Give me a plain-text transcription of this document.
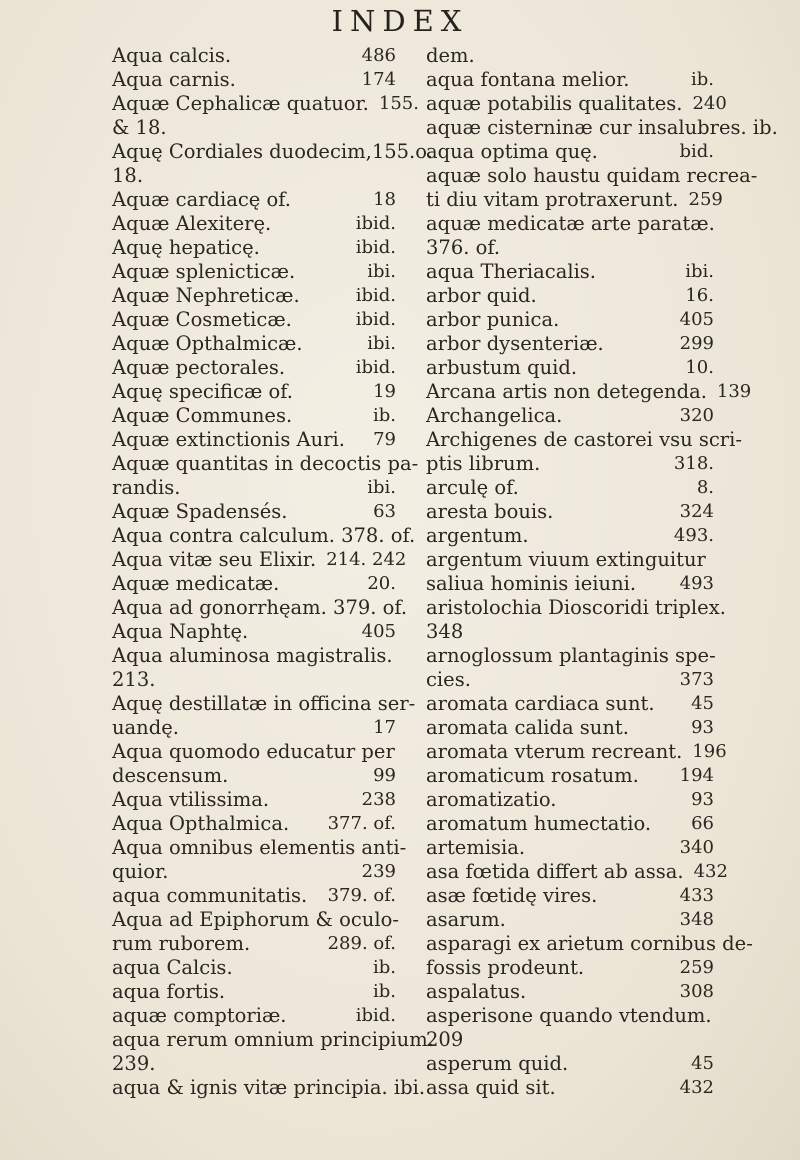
INDEX
Aqua calcis.	486
Aqua carnis.	174
Aquæ Cephalicæ quatuor. 155.
& 18.
Aquę Cordiales duodecim,155.o.
18.
Aquæ cardiacę of.	18
Aquæ Alexiterę.	ibid.
Aquę hepaticę.	ibid.
Aquæ splenicticæ.	ibi.
Aquæ Nephreticæ.	ibid.
Aquæ Cosmeticæ.	ibid.
Aquæ Opthalmicæ.	ibi.
Aquæ pectorales.	ibid.
Aquę specificæ of.	19
Aquæ Communes.	ib.
Aquæ extinctionis Auri.	79
Aquæ quantitas in decoctis pa-
randis.	ibi.
Aquæ Spadensés.	63
Aqua contra calculum. 378. of.
Aqua vitæ seu Elixir. 214. 242
Aquæ medicatæ.	20.
Aqua ad gonorrhęam. 379. of.
Aqua Naphtę.	405
Aqua aluminosa magistralis.
213.
Aquę destillatæ in officina ser-
uandę.	17
Aqua quomodo educatur per
descensum.	99
Aqua vtilissima.	238
Aqua Opthalmica.	377. of.
Aqua omnibus elementis anti-
quior.	239
aqua communitatis.	379. of.
Aqua ad Epiphorum & oculo-
rum ruborem.	289. of.
aqua Calcis.	ib.
aqua fortis.	ib.
aquæ comptoriæ.	ibid.
aqua rerum omnium principium.
239.
aqua & ignis vitæ principia. ibi.
dem.
aqua fontana melior.	ib.
aquæ potabilis qualitates. 240
aquæ cisterninæ cur insalubres. ib.
aqua optima quę.	bid.
aquæ solo haustu quidam recrea-
ti diu vitam protraxerunt. 259
aquæ medicatæ arte paratæ.
376. of.
aqua Theriacalis.	ibi.
arbor quid.	16.
arbor punica.	405
arbor dysenteriæ.	299
arbustum quid.	10.
Arcana artis non detegenda. 139
Archangelica.	320
Archigenes de castorei vsu scri-
ptis librum.	318.
arculę of.	8.
aresta bouis.	324
argentum.	493.
argentum viuum extinguitur
saliua hominis ieiuni.	493
aristolochia Dioscoridi triplex.
348
arnoglossum plantaginis spe-
cies.	373
aromata cardiaca sunt.	45
aromata calida sunt.	93
aromata vterum recreant. 196
aromaticum rosatum.	194
aromatizatio.	93
aromatum humectatio.	66
artemisia.	340
asa fœtida differt ab assa. 432
asæ fœtidę vires.	433
asarum.	348
asparagi ex arietum cornibus de-
fossis prodeunt.	259
aspalatus.	308
asperisone quando vtendum.
209
asperum quid.	45
assa quid sit.	432
